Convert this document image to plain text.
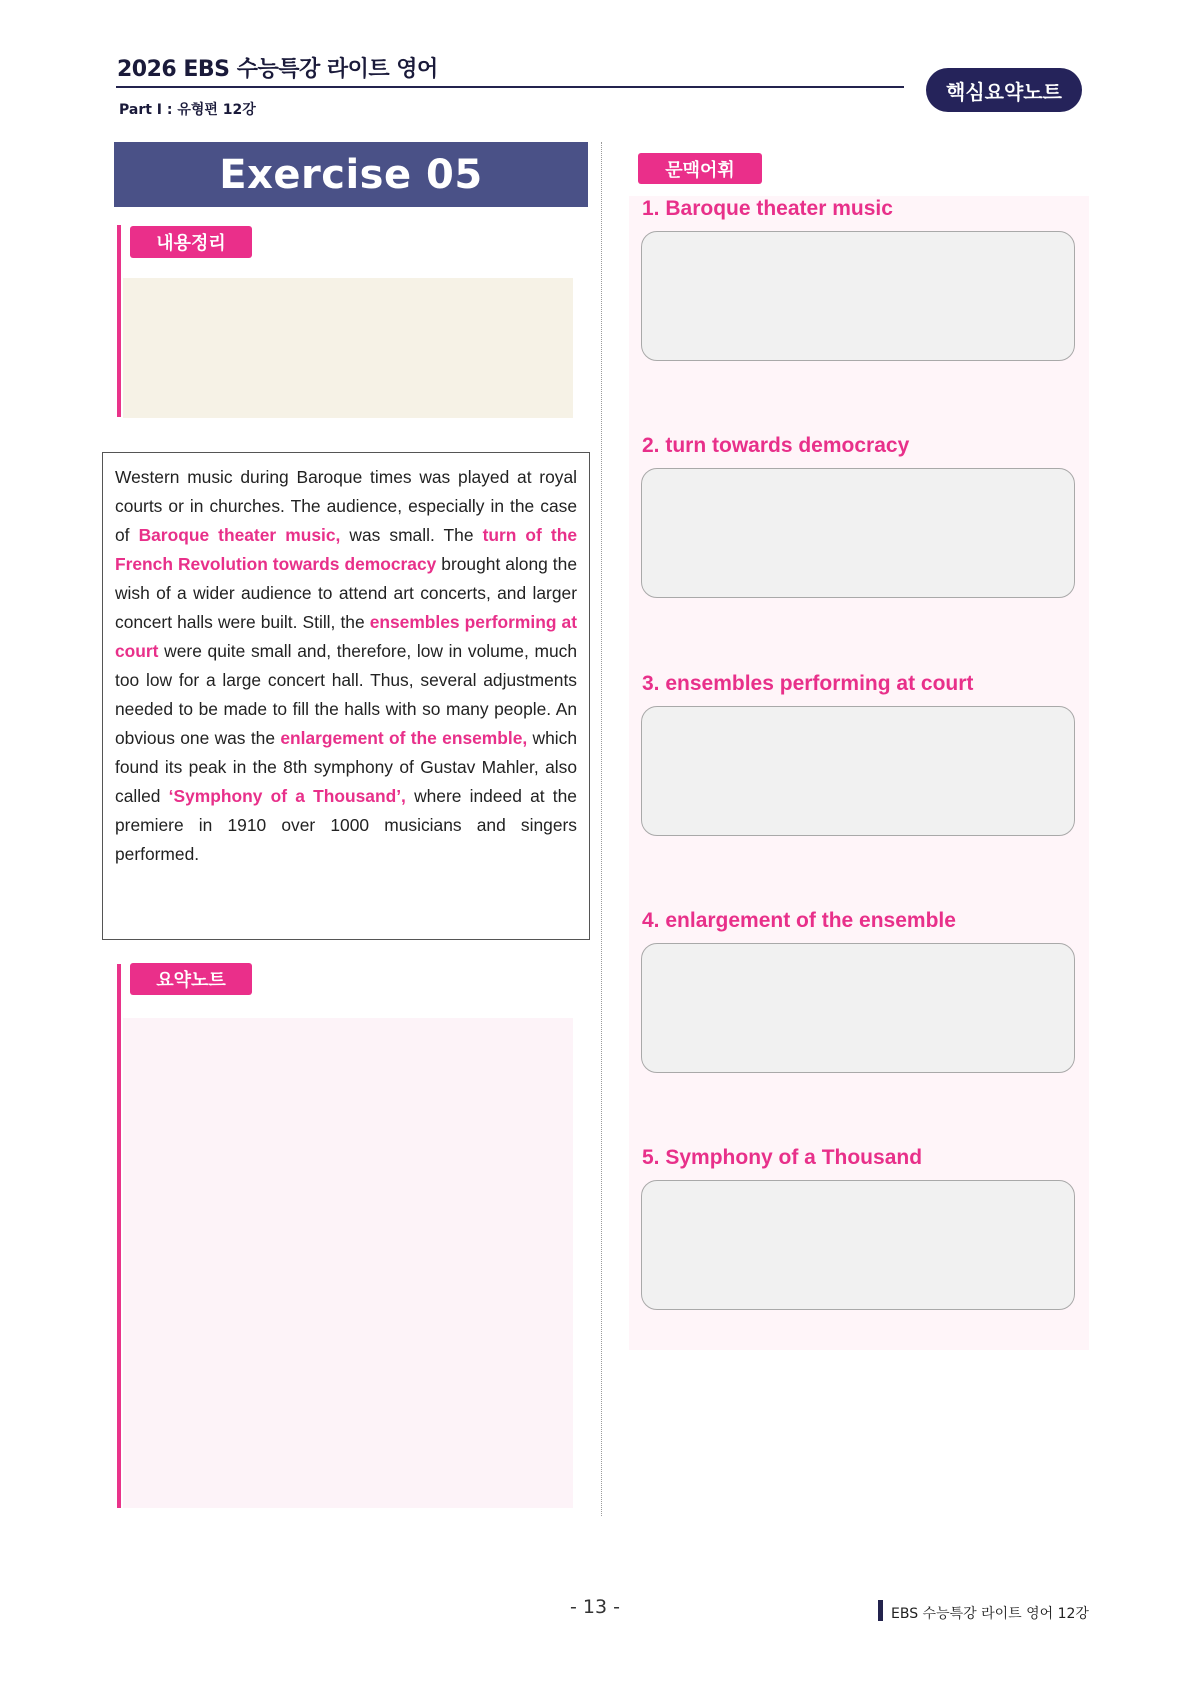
2026 EBS 수능특강 라이트 영어
Part Ⅰ : 유형편 12강
핵심요약노트
Exercise 05
내용정리

Western music during Baroque times was played at royal courts or in churches. The audience, especially in the case of Baroque theater music, was small. The turn of the French Revolution towards democracy brought along the wish of a wider audience to attend art concerts, and larger concert halls were built. Still, the ensembles performing at court were quite small and, therefore, low in volume, much too low for a large concert hall. Thus, several adjustments needed to be made to fill the halls with so many people. An obvious one was the enlargement of the ensemble, which found its peak in the 8th symphony of Gustav Mahler, also called ‘Symphony of a Thousand’, where indeed at the premiere in 1910 over 1000 musicians and singers performed.

요약노트
문맥어휘
1. Baroque theater music
2. turn towards democracy
3. ensembles performing at court
4. enlargement of the ensemble
5. Symphony of a Thousand
- 13 -	EBS 수능특강 라이트 영어 12강
